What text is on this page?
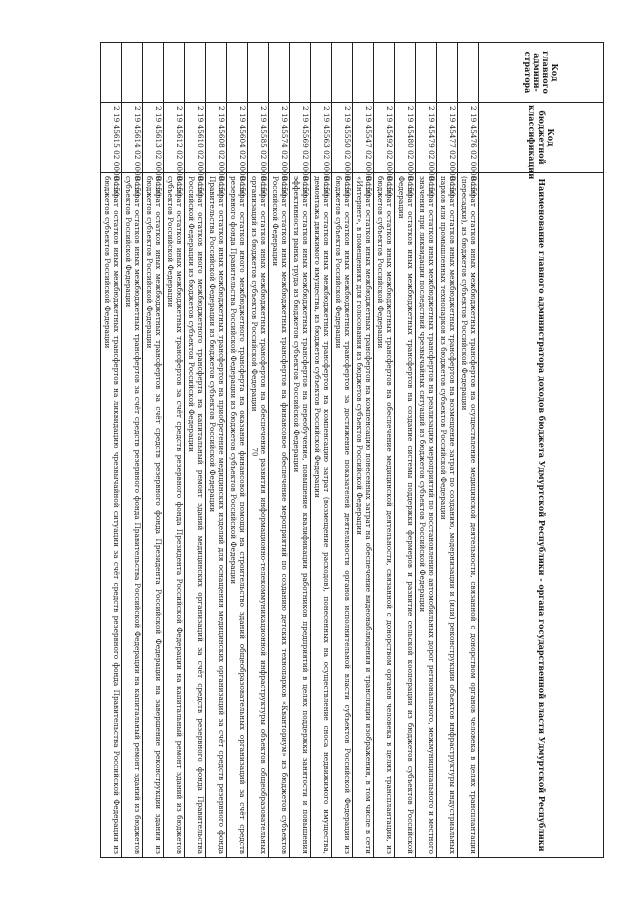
70
Код главного админи-стратора	Код бюджетной классификации	Наименование главного администратора доходов бюджета Удмуртской Республики - органа государственной власти Удмуртской Республики
	2 19 45476 02 0000 150	Возврат остатков иных межбюджетных трансфертов на осуществление медицинской деятельности, связанной с донорством органов человека в целях трансплантации (пересадки), из бюджетов субъектов Российской Федерации
	2 19 45477 02 0000 150	Возврат остатков иных межбюджетных трансфертов на возмещение затрат по созданию, модернизации и (или) реконструкции объектов инфраструктуры индустриальных парков или промышленных технопарков из бюджетов субъектов Российской Федерации
	2 19 45479 02 0000 150	Возврат остатков иных межбюджетных трансфертов на реализацию мероприятий по восстановлению автомобильных дорог регионального, межмуниципального и местного значения при ликвидации последствий чрезвычайных ситуаций из бюджетов субъектов Российской Федерации
	2 19 45480 02 0000 150	Возврат остатков иных межбюджетных трансфертов на создание системы поддержки фермеров и развитие сельской кооперации из бюджетов субъектов Российской Федерации
	2 19 45492 02 0000 150	Возврат остатков иных межбюджетных трансфертов на обеспечение медицинской деятельности, связанной с донорством органов человека в целях трансплантации, из бюджетов субъектов Российской Федерации
	2 19 45547 02 0000 150	Возврат остатков иных межбюджетных трансфертов на компенсацию понесенных затрат на обеспечение видеонаблюдения и трансляции изображения, в том числе в сети «Интернет», в помещениях для голосования из бюджетов субъектов Российской Федерации
	2 19 45550 02 0000 150	Возврат остатков иных межбюджетных трансфертов за достижение показателей деятельности органов исполнительной власти субъектов Российской Федерации из бюджетов субъектов Российской Федерации
	2 19 45563 02 0000 150	Возврат остатков иных межбюджетных трансфертов на компенсацию затрат (возмещение расходов), понесенных на осуществление сноса недвижимого имущества, демонтажа движимого имущества, из бюджетов субъектов Российской Федерации
	2 19 45569 02 0000 150	Возврат остатков иных межбюджетных трансфертов на переобучение, повышение квалификации работников предприятий в целях поддержки занятости и повышения эффективности рынка труда из бюджетов субъектов Российской Федерации
	2 19 45574 02 0000 150	Возврат остатков иных межбюджетных трансфертов на финансовое обеспечение мероприятий по созданию детских технопарков «Кванториум» из бюджетов субъектов Российской Федерации
	2 19 45585 02 0000 150	Возврат остатков иных межбюджетных трансфертов на обеспечение развития информационно-телекоммуникационной инфраструктуры объектов общеобразовательных организаций из бюджетов субъектов Российской Федерации
	2 19 45604 02 0000 150	Возврат остатков иного межбюджетного трансферта на оказание финансовой помощи на строительство зданий общеобразовательных организаций за счёт средств резервного фонда Правительства Российской Федерации из бюджетов субъектов Российской Федерации
	2 19 45608 02 0000 150	Возврат остатков иных межбюджетных трансфертов на приобретение медицинских изделий для оснащения медицинских организаций за счёт средств резервного фонда Правительства Российской Федерации из бюджетов субъектов Российской Федерации
	2 19 45610 02 0000 150	Возврат остатков иного межбюджетного трансферта на капитальный ремонт зданий медицинских организаций за счёт средств резервного фонда Правительства Российской Федерации из бюджетов субъектов Российской Федерации
	2 19 45612 02 0000 150	Возврат остатков иных межбюджетных трансфертов за счёт средств резервного фонда Президента Российской Федерации на капитальный ремонт зданий из бюджетов субъектов Российской Федерации
	2 19 45613 02 0000 150	Возврат остатков иных межбюджетных трансфертов за счёт средств резервного фонда Президента Российской Федерации на завершение реконструкции здания из бюджетов субъектов Российской Федерации
	2 19 45614 02 0000 150	Возврат остатков иных межбюджетных трансфертов за счёт средств резервного фонда Правительства Российской Федерации на капитальный ремонт зданий из бюджетов субъектов Российской Федерации
	2 19 45615 02 0000 150	Возврат остатков иных межбюджетных трансфертов на ликвидацию чрезвычайной ситуации за счёт средств резервного фонда Правительства Российской Федерации из бюджетов субъектов Российской Федерации
